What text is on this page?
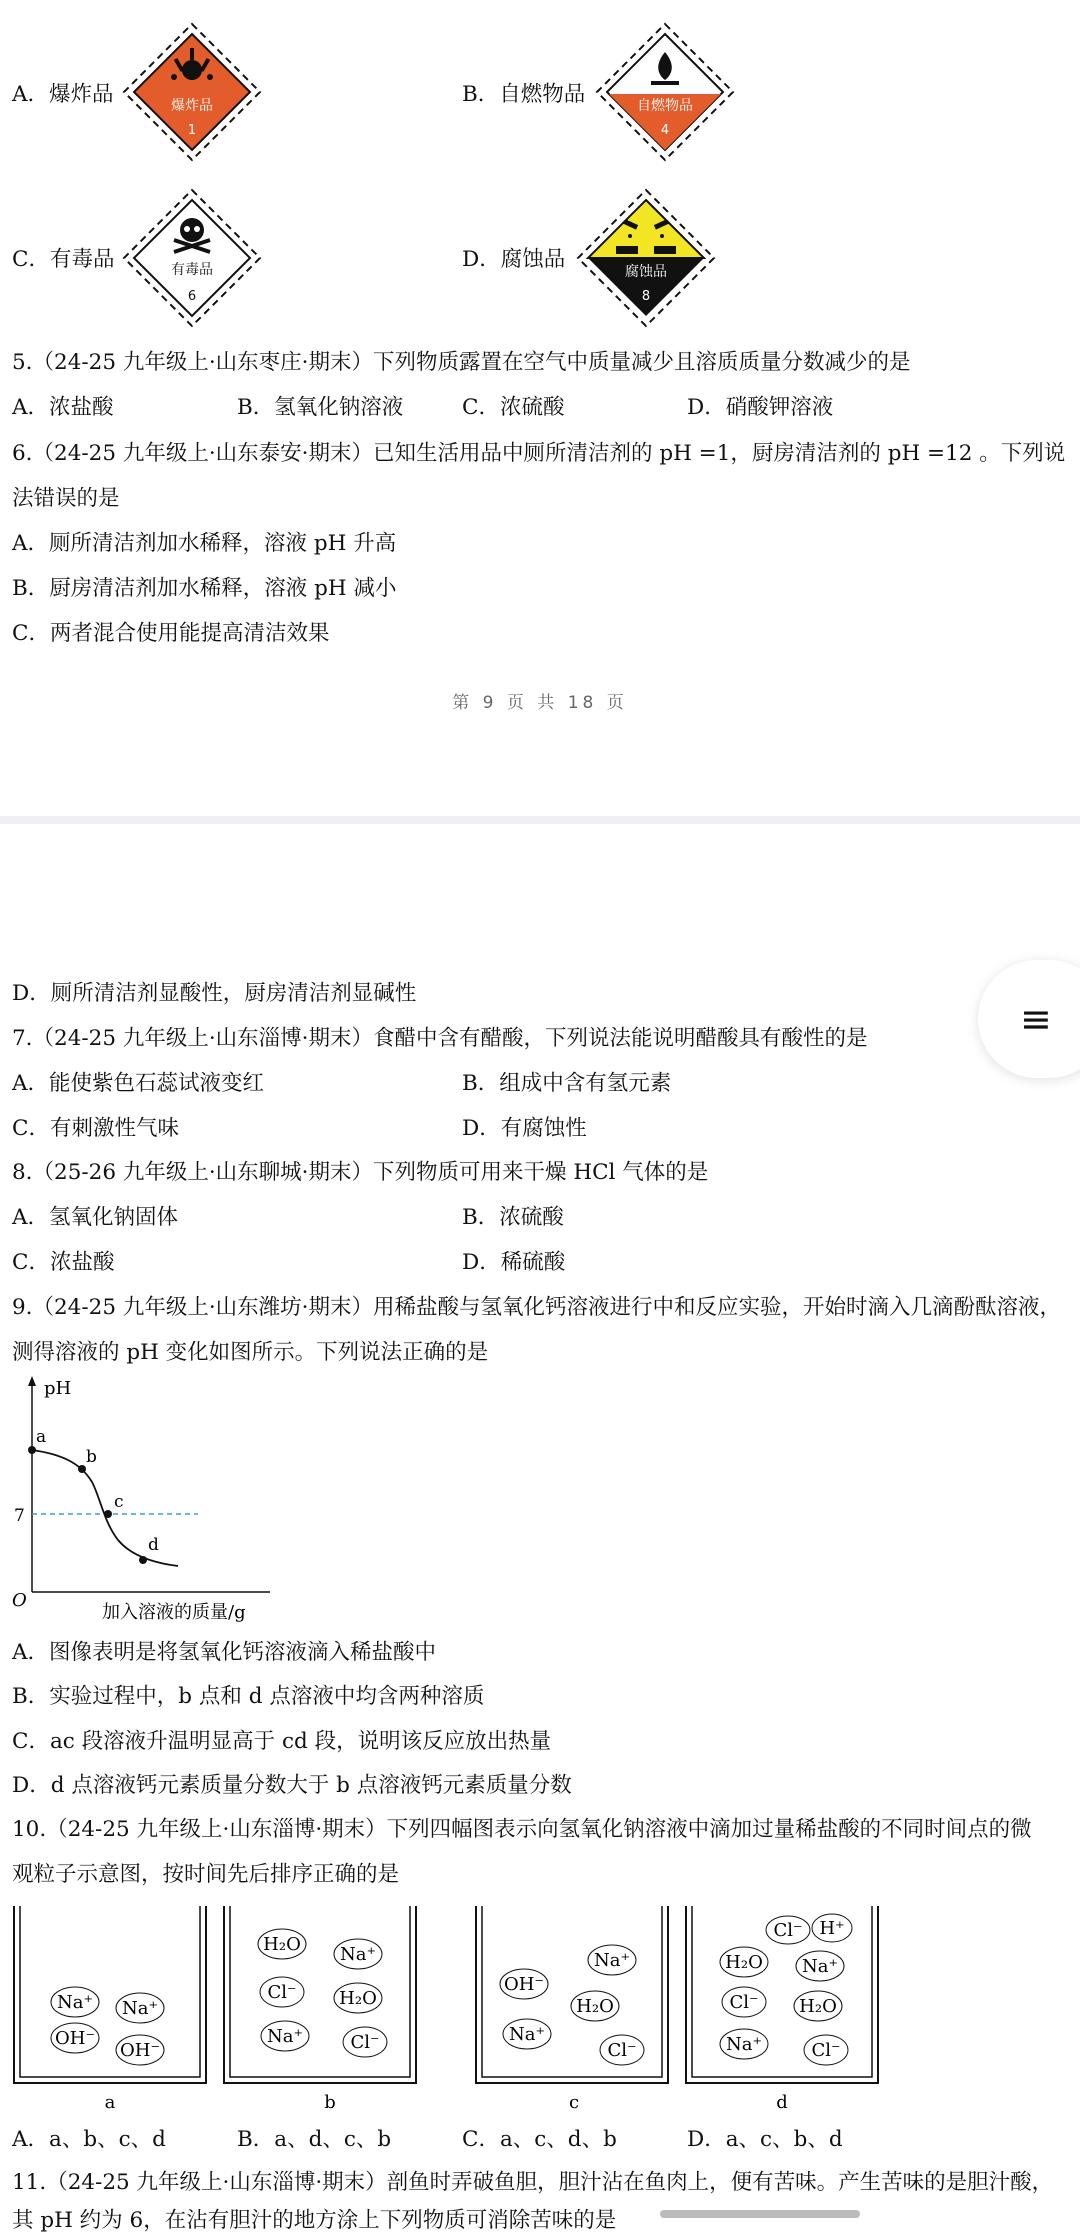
A．爆炸品	爆炸品
1
B．自燃物品	自燃物品
4
C．有毒品	有毒品
6
D．腐蚀品	腐蚀品
8
5.（24-25 九年级上·山东枣庄·期末）下列物质露置在空气中质量减少且溶质质量分数减少的是
A．浓盐酸	B．氢氧化钠溶液	C．浓硫酸	D．硝酸钾溶液
6.（24-25 九年级上·山东泰安·期末）已知生活用品中厕所清洁剂的 pH =1，厨房清洁剂的 pH =12 。下列说
法错误的是
A．厕所清洁剂加水稀释，溶液 pH 升高
B．厨房清洁剂加水稀释，溶液 pH 减小
C．两者混合使用能提高清洁效果
第 9 页 共 18 页
D．厕所清洁剂显酸性，厨房清洁剂显碱性
≡
7.（24-25 九年级上·山东淄博·期末）食醋中含有醋酸，下列说法能说明醋酸具有酸性的是
A．能使紫色石蕊试液变红	B．组成中含有氢元素
C．有刺激性气味	D．有腐蚀性
8.（25-26 九年级上·山东聊城·期末）下列物质可用来干燥 HCl 气体的是
A．氢氧化钠固体	B．浓硫酸
C．浓盐酸	D．稀硫酸
9.（24-25 九年级上·山东潍坊·期末）用稀盐酸与氢氧化钙溶液进行中和反应实验，开始时滴入几滴酚酞溶液，
测得溶液的 pH 变化如图所示。下列说法正确的是
pH
O
加入溶液的质量/g
7
a
b
c
d
A．图像表明是将氢氧化钙溶液滴入稀盐酸中
B．实验过程中，b 点和 d 点溶液中均含两种溶质
C．ac 段溶液升温明显高于 cd 段，说明该反应放出热量
D．d 点溶液钙元素质量分数大于 b 点溶液钙元素质量分数
10.（24-25 九年级上·山东淄博·期末）下列四幅图表示向氢氧化钠溶液中滴加过量稀盐酸的不同时间点的微
观粒子示意图，按时间先后排序正确的是
Na⁺ Na⁺
OH⁻
OH⁻
a
H₂O Na⁺
Cl⁻ H₂O
Na⁺	Cl⁻
b
Na⁺
OH⁻
H₂O
Na⁺
Cl⁻
c
Cl⁻ H⁺
H₂O Na⁺
Cl⁻ H₂O
Na⁺	Cl⁻
d
A．a、b、c、d	B．a、d、c、b	C．a、c、d、b	D．a、c、b、d
11.（24-25 九年级上·山东淄博·期末）剖鱼时弄破鱼胆，胆汁沾在鱼肉上，便有苦味。产生苦味的是胆汁酸，
其 pH 约为 6，在沾有胆汁的地方涂上下列物质可消除苦味的是
